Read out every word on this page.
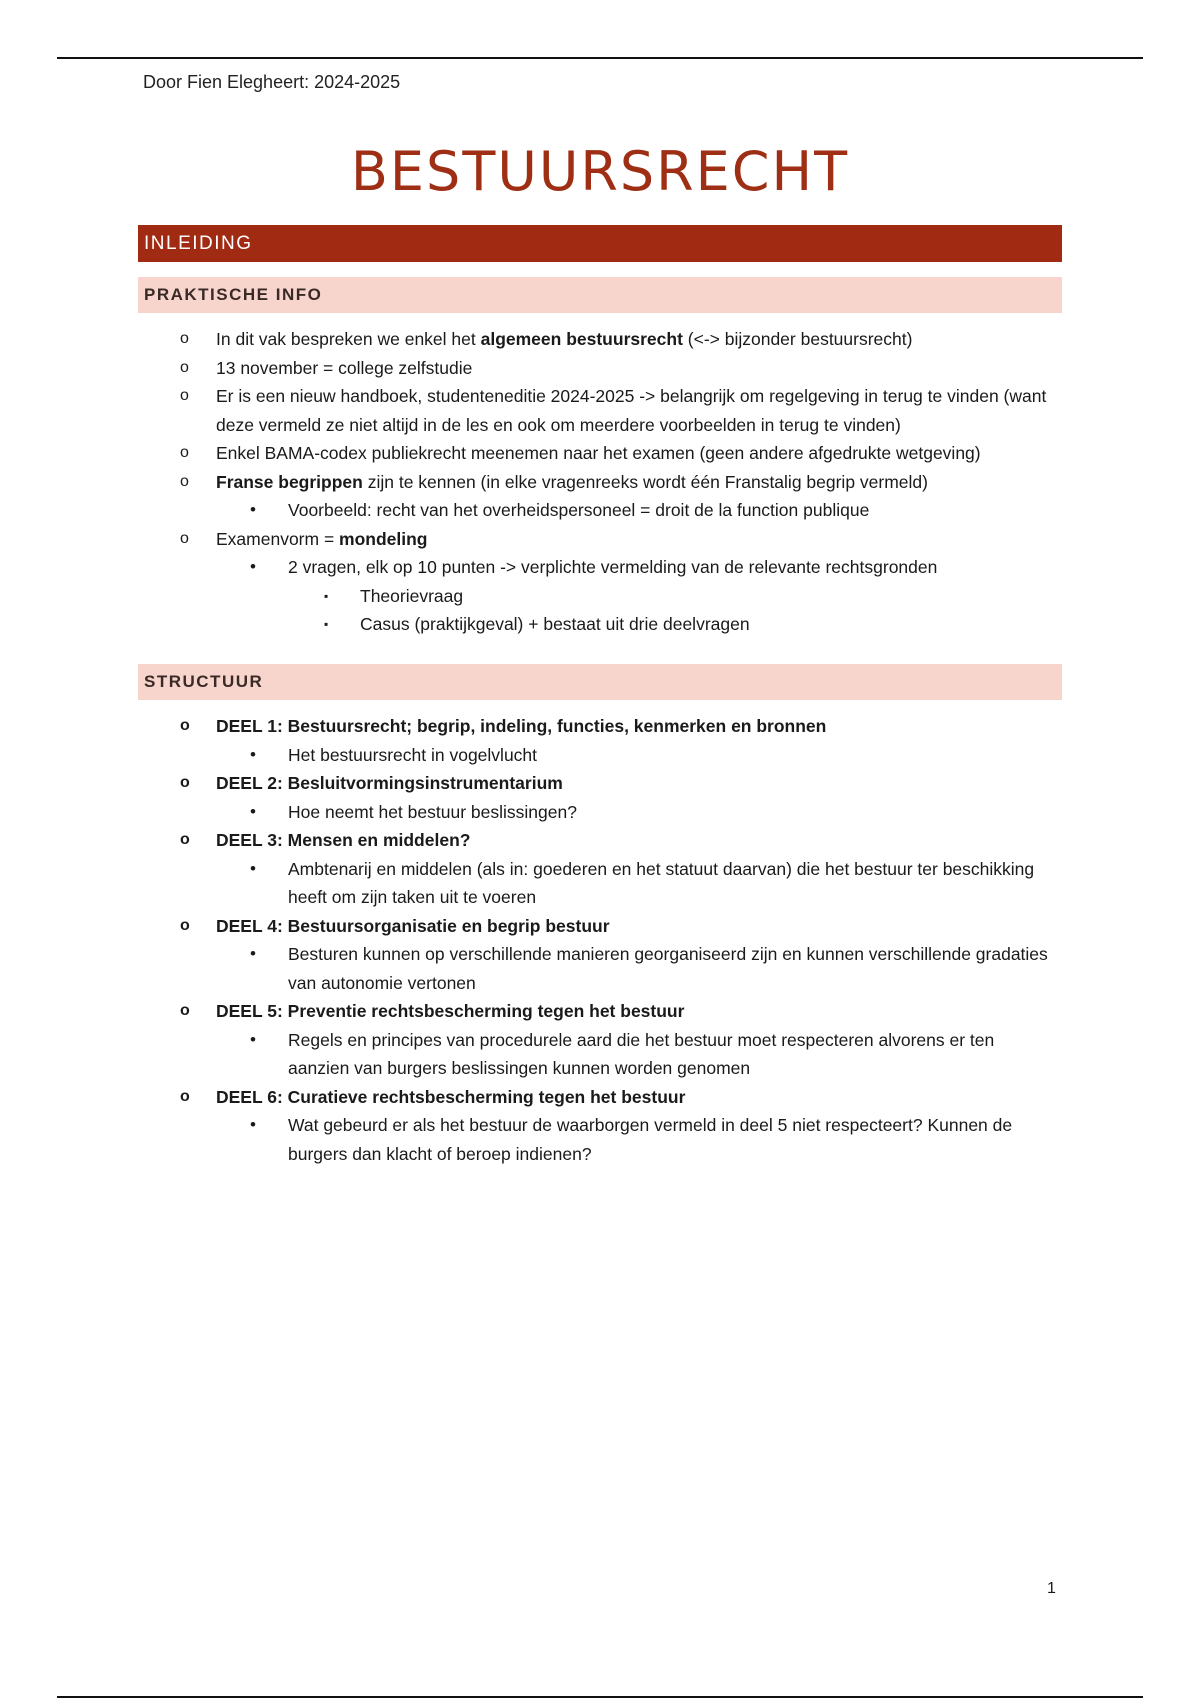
Door Fien Elegheert: 2024-2025
BESTUURSRECHT
INLEIDING
PRAKTISCHE INFO
o In dit vak bespreken we enkel het algemeen bestuursrecht (<-> bijzonder bestuursrecht)
o 13 november = college zelfstudie
o Er is een nieuw handboek, studenteneditie 2024-2025 -> belangrijk om regelgeving in terug te vinden (want deze vermeld ze niet altijd in de les en ook om meerdere voorbeelden in terug te vinden)
o Enkel BAMA-codex publiekrecht meenemen naar het examen (geen andere afgedrukte wetgeving)
o Franse begrippen zijn te kennen (in elke vragenreeks wordt één Franstalig begrip vermeld)
• Voorbeeld: recht van het overheidspersoneel = droit de la function publique
o Examenvorm = mondeling
• 2 vragen, elk op 10 punten -> verplichte vermelding van de relevante rechtsgronden
▪ Theorievraag
▪ Casus (praktijkgeval) + bestaat uit drie deelvragen
STRUCTUUR
o DEEL 1: Bestuursrecht; begrip, indeling, functies, kenmerken en bronnen
• Het bestuursrecht in vogelvlucht
o DEEL 2: Besluitvormingsinstrumentarium
• Hoe neemt het bestuur beslissingen?
o DEEL 3: Mensen en middelen?
• Ambtenarij en middelen (als in: goederen en het statuut daarvan) die het bestuur ter beschikking heeft om zijn taken uit te voeren
o DEEL 4: Bestuursorganisatie en begrip bestuur
• Besturen kunnen op verschillende manieren georganiseerd zijn en kunnen verschillende gradaties van autonomie vertonen
o DEEL 5: Preventie rechtsbescherming tegen het bestuur
• Regels en principes van procedurele aard die het bestuur moet respecteren alvorens er ten aanzien van burgers beslissingen kunnen worden genomen
o DEEL 6: Curatieve rechtsbescherming tegen het bestuur
• Wat gebeurd er als het bestuur de waarborgen vermeld in deel 5 niet respecteert? Kunnen de burgers dan klacht of beroep indienen?
1
